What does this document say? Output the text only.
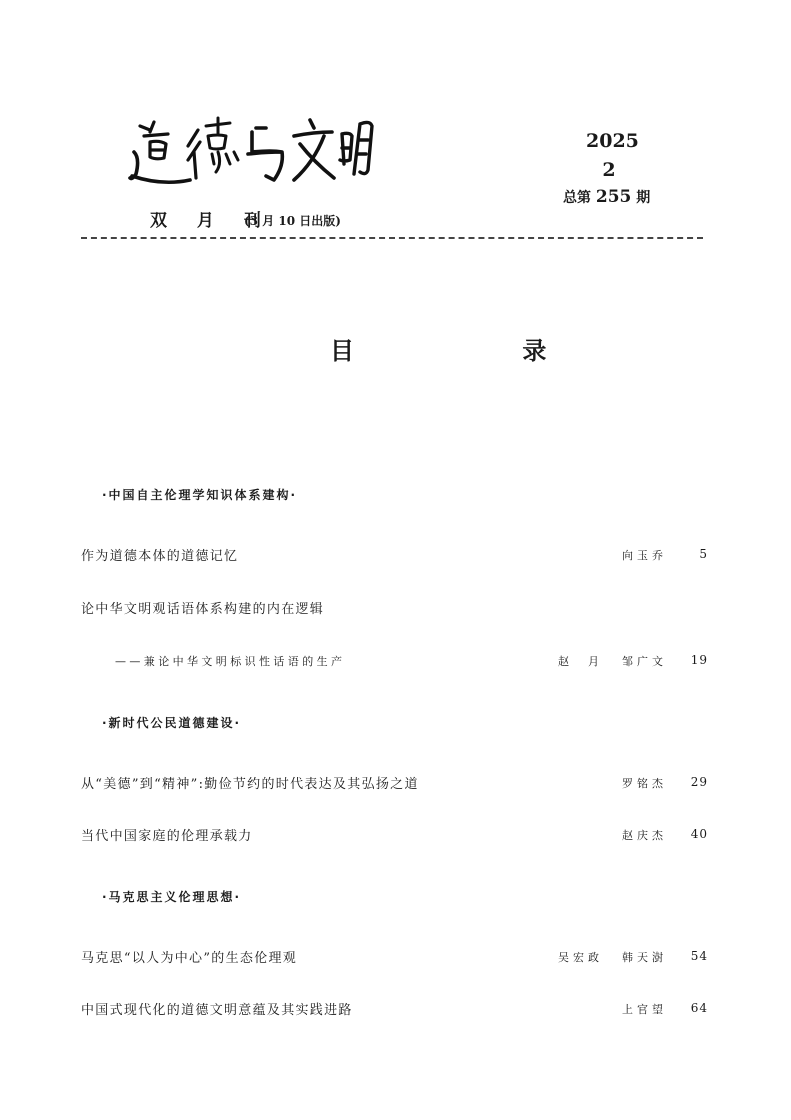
双 月 刊
(3 月 10 日出版)
2025
2
总第 255 期
目 录
·中国自主伦理学知识体系建构·
作为道德本体的道德记忆	向玉乔	5
论中华文明观话语体系构建的内在逻辑
——兼论中华文明标识性话语的生产	赵　月 邹广文	19
·新时代公民道德建设·
从“美德”到“精神”:勤俭节约的时代表达及其弘扬之道	罗铭杰	29
当代中国家庭的伦理承载力	赵庆杰	40
·马克思主义伦理思想·
马克思“以人为中心”的生态伦理观	吴宏政 韩天澍	54
中国式现代化的道德文明意蕴及其实践进路	上官望	64
